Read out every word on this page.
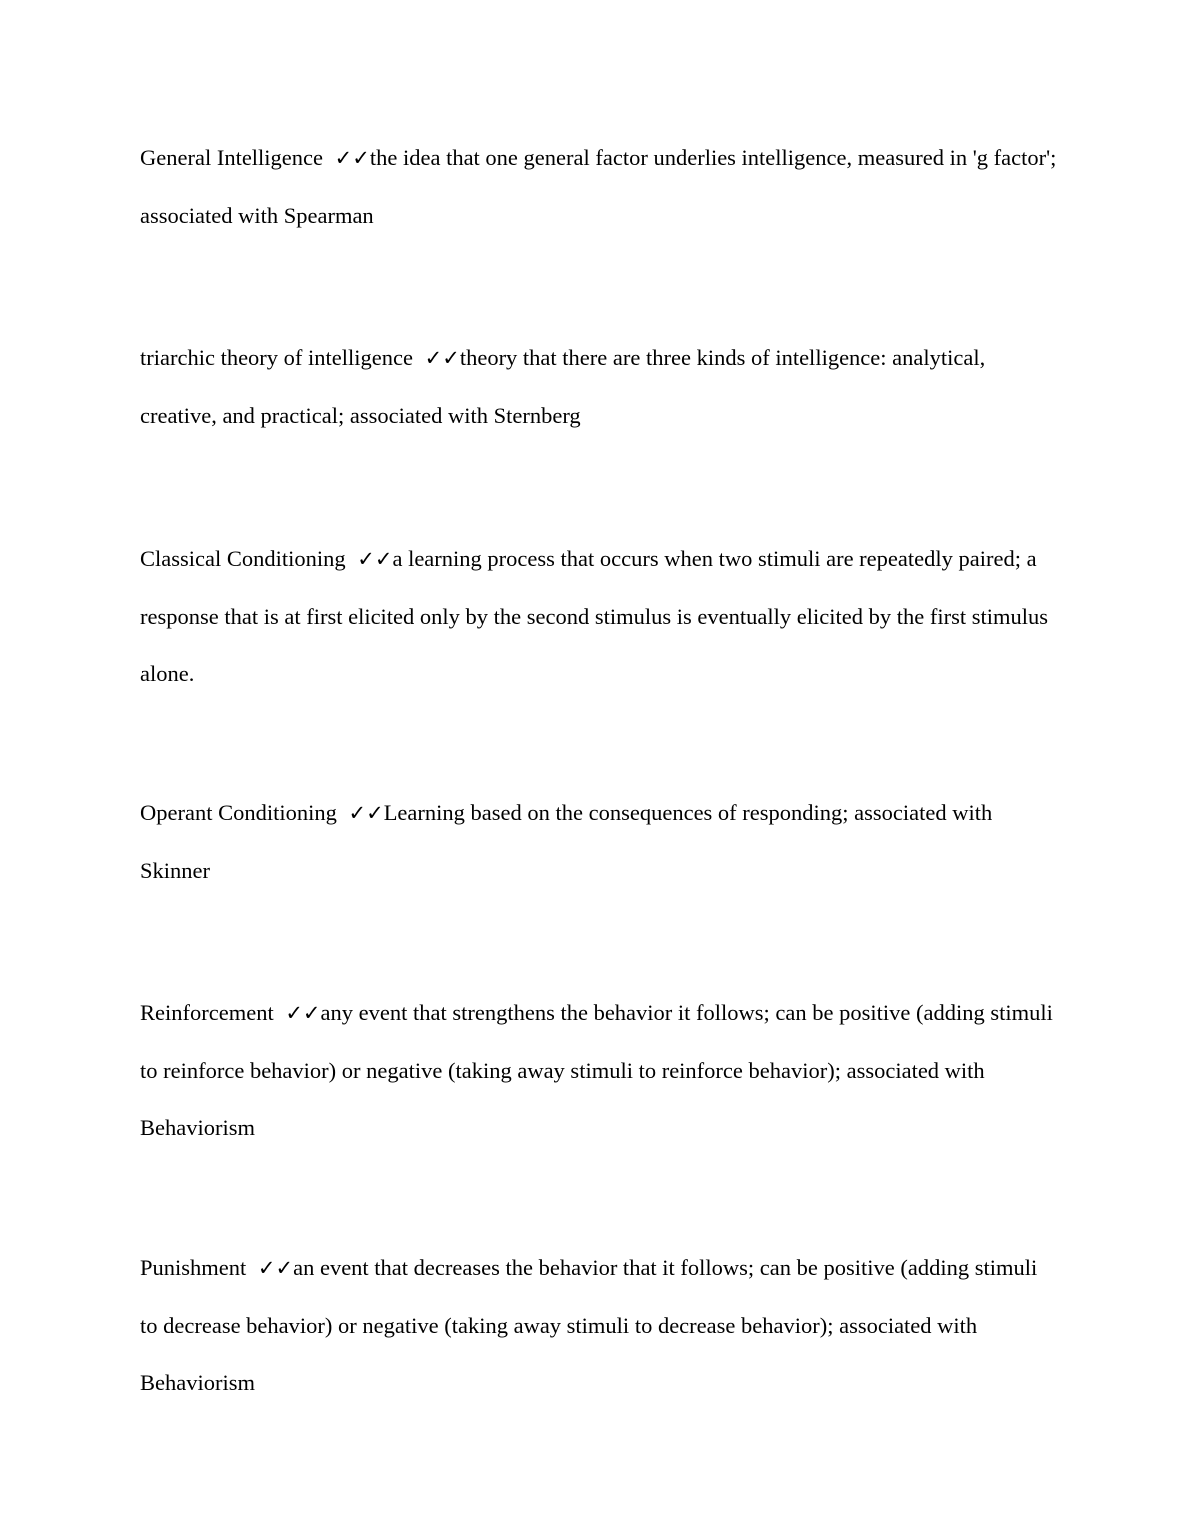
General Intelligence ✓✓the idea that one general factor underlies intelligence, measured in 'g factor'; associated with Spearman

triarchic theory of intelligence ✓✓theory that there are three kinds of intelligence: analytical, creative, and practical; associated with Sternberg

Classical Conditioning ✓✓a learning process that occurs when two stimuli are repeatedly paired; a response that is at first elicited only by the second stimulus is eventually elicited by the first stimulus alone.

Operant Conditioning ✓✓Learning based on the consequences of responding; associated with Skinner

Reinforcement ✓✓any event that strengthens the behavior it follows; can be positive (adding stimuli to reinforce behavior) or negative (taking away stimuli to reinforce behavior); associated with Behaviorism

Punishment ✓✓an event that decreases the behavior that it follows; can be positive (adding stimuli to decrease behavior) or negative (taking away stimuli to decrease behavior); associated with Behaviorism
